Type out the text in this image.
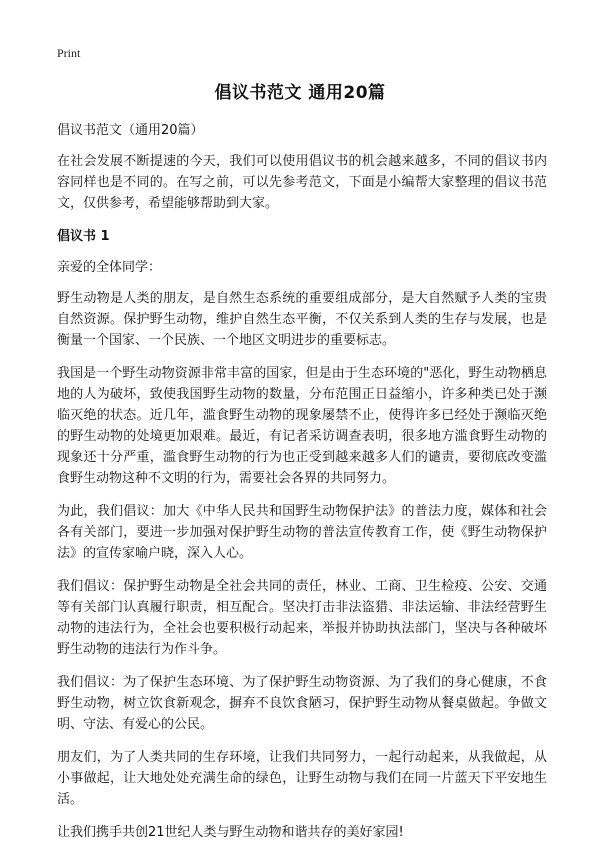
Print
倡议书范文 通用20篇

倡议书范文（通用20篇）

在社会发展不断提速的今天，我们可以使用倡议书的机会越来越多，不同的倡议书内容同样也是不同的。在写之前，可以先参考范文，下面是小编帮大家整理的倡议书范文，仅供参考，希望能够帮助到大家。

倡议书 1

亲爱的全体同学：

野生动物是人类的朋友，是自然生态系统的重要组成部分，是大自然赋予人类的宝贵自然资源。保护野生动物，维护自然生态平衡，不仅关系到人类的生存与发展，也是衡量一个国家、一个民族、一个地区文明进步的重要标志。

我国是一个野生动物资源非常丰富的国家，但是由于生态环境的"恶化，野生动物栖息地的人为破坏，致使我国野生动物的数量，分布范围正日益缩小，许多种类已处于濒临灭绝的状态。近几年，滥食野生动物的现象屡禁不止，使得许多已经处于濒临灭绝的野生动物的处境更加艰难。最近，有记者采访调查表明，很多地方滥食野生动物的现象还十分严重，滥食野生动物的行为也正受到越来越多人们的谴责，要彻底改变滥食野生动物这种不文明的行为，需要社会各界的共同努力。

为此，我们倡议：加大《中华人民共和国野生动物保护法》的普法力度，媒体和社会各有关部门，要进一步加强对保护野生动物的普法宣传教育工作，使《野生动物保护法》的宣传家喻户晓，深入人心。

我们倡议：保护野生动物是全社会共同的责任，林业、工商、卫生检疫、公安、交通等有关部门认真履行职责，相互配合。坚决打击非法盗猎、非法运输、非法经营野生动物的违法行为，全社会也要积极行动起来，举报并协助执法部门，坚决与各种破坏野生动物的违法行为作斗争。

我们倡议：为了保护生态环境、为了保护野生动物资源、为了我们的身心健康，不食野生动物，树立饮食新观念，摒弃不良饮食陋习，保护野生动物从餐桌做起。争做文明、守法、有爱心的公民。

朋友们，为了人类共同的生存环境，让我们共同努力，一起行动起来，从我做起，从小事做起，让大地处处充满生命的绿色，让野生动物与我们在同一片蓝天下平安地生活。

让我们携手共创21世纪人类与野生动物和谐共存的美好家园!
